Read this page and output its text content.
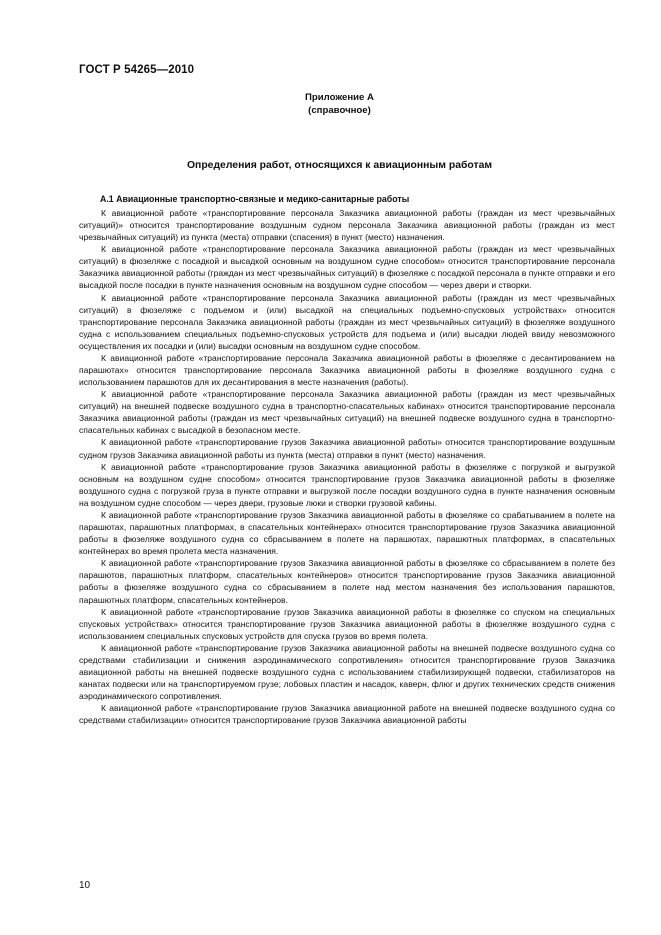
ГОСТ Р 54265—2010
Приложение А
(справочное)
Определения работ, относящихся к авиационным работам
А.1 Авиационные транспортно-связные и медико-санитарные работы

К авиационной работе «транспортирование персонала Заказчика авиационной работы (граждан из мест чрезвычайных ситуаций)» относится транспортирование воздушным судном персонала Заказчика авиационной работы (граждан из мест чрезвычайных ситуаций) из пункта (места) отправки (спасения) в пункт (место) назначения.

К авиационной работе «транспортирование персонала Заказчика авиационной работы (граждан из мест чрезвычайных ситуаций) в фюзеляже с посадкой и высадкой основным на воздушном судне способом» относится транспортирование персонала Заказчика авиационной работы (граждан из мест чрезвычайных ситуаций) в фюзеляже с посадкой персонала в пункте отправки и его высадкой после посадки в пункте назначения основным на воздушном судне способом — через двери и створки.

К авиационной работе «транспортирование персонала Заказчика авиационной работы (граждан из мест чрезвычайных ситуаций) в фюзеляже с подъемом и (или) высадкой на специальных подъемно-спусковых устройствах» относится транспортирование персонала Заказчика авиационной работы (граждан из мест чрезвычайных ситуаций) в фюзеляже воздушного судна с использованием специальных подъемно-спусковых устройств для подъема и (или) высадки людей ввиду невозможного осуществления их посадки и (или) высадки основным на воздушном судне способом.

К авиационной работе «транспортирование персонала Заказчика авиационной работы в фюзеляже с десантированием на парашютах» относится транспортирование персонала Заказчика авиационной работы в фюзеляже воздушного судна с использованием парашютов для их десантирования в месте назначения (работы).

К авиационной работе «транспортирование персонала Заказчика авиационной работы (граждан из мест чрезвычайных ситуаций) на внешней подвеске воздушного судна в транспортно-спасательных кабинах» относится транспортирование персонала Заказчика авиационной работы (граждан из мест чрезвычайных ситуаций) на внешней подвеске воздушного судна в транспортно-спасательных кабинах с высадкой в безопасном месте.

К авиационной работе «транспортирование грузов Заказчика авиационной работы» относится транспортирование воздушным судном грузов Заказчика авиационной работы из пункта (места) отправки в пункт (место) назначения.

К авиационной работе «транспортирование грузов Заказчика авиационной работы в фюзеляже с погрузкой и выгрузкой основным на воздушном судне способом» относится транспортирование грузов Заказчика авиационной работы в фюзеляже воздушного судна с погрузкой груза в пункте отправки и выгрузкой после посадки воздушного судна в пункте назначения основным на воздушном судне способом — через двери, грузовые люки и створки грузовой кабины.

К авиационной работе «транспортирование грузов Заказчика авиационной работы в фюзеляже со срабатыванием в полете на парашютах, парашютных платформах, в спасательных контейнерах» относится транспортирование грузов Заказчика авиационной работы в фюзеляже воздушного судна со сбрасыванием в полете на парашютах, парашютных платформах, в спасательных контейнерах во время пролета места назначения.

К авиационной работе «транспортирование грузов Заказчика авиационной работы в фюзеляже со сбрасыванием в полете без парашютов, парашютных платформ, спасательных контейнеров» относится транспортирование грузов Заказчика авиационной работы в фюзеляже воздушного судна со сбрасыванием в полете над местом назначения без использования парашютов, парашютных платформ, спасательных контейнеров.

К авиационной работе «транспортирование грузов Заказчика авиационной работы в фюзеляже со спуском на специальных спусковых устройствах» относится транспортирование грузов Заказчика авиационной работы в фюзеляже воздушного судна с использованием специальных спусковых устройств для спуска грузов во время полета.

К авиационной работе «транспортирование грузов Заказчика авиационной работы на внешней подвеске воздушного судна со средствами стабилизации и снижения аэродинамического сопротивления» относится транспортирование грузов Заказчика авиационной работы на внешней подвеске воздушного судна с использованием стабилизирующей подвески, стабилизаторов на канатах подвески или на транспортируемом грузе; лобовых пластин и насадок, каверн, флюг и других технических средств снижения аэродинамического сопротивления.

К авиационной работе «транспортирование грузов Заказчика авиационной работе на внешней подвеске воздушного судна со средствами стабилизации» относится транспортирование грузов Заказчика авиационной работы

10
